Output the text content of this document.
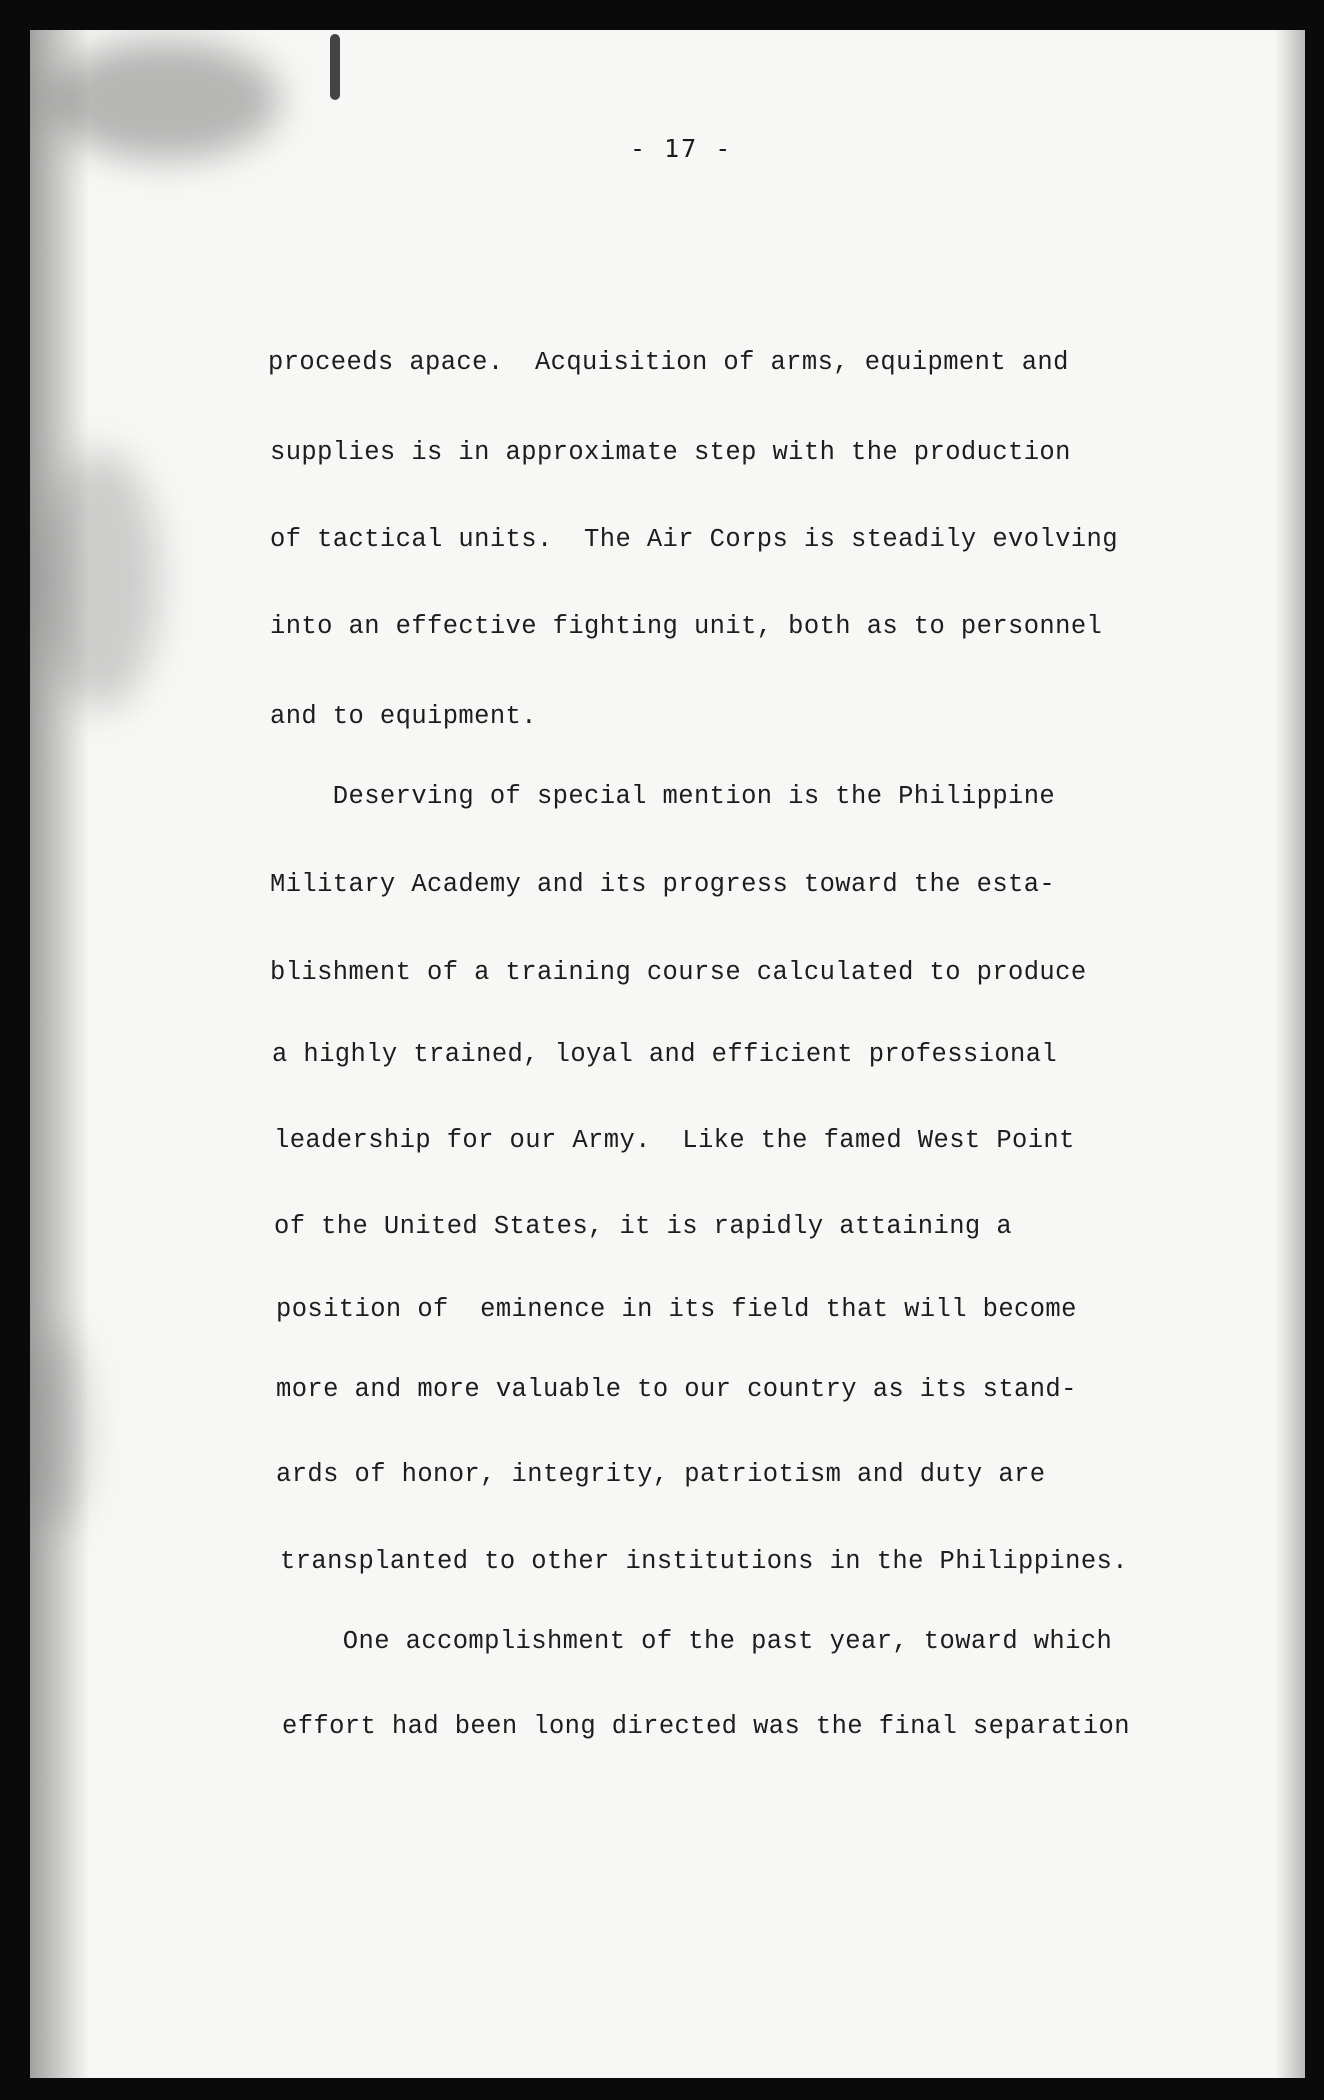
- 17 -
proceeds apace.  Acquisition of arms, equipment and
supplies is in approximate step with the production
of tactical units.  The Air Corps is steadily evolving
into an effective fighting unit, both as to personnel
and to equipment.
Deserving of special mention is the Philippine
Military Academy and its progress toward the esta-
blishment of a training course calculated to produce
a highly trained, loyal and efficient professional
leadership for our Army.  Like the famed West Point
of the United States, it is rapidly attaining a
position of  eminence in its field that will become
more and more valuable to our country as its stand-
ards of honor, integrity, patriotism and duty are
transplanted to other institutions in the Philippines.
One accomplishment of the past year, toward which
effort had been long directed was the final separation
